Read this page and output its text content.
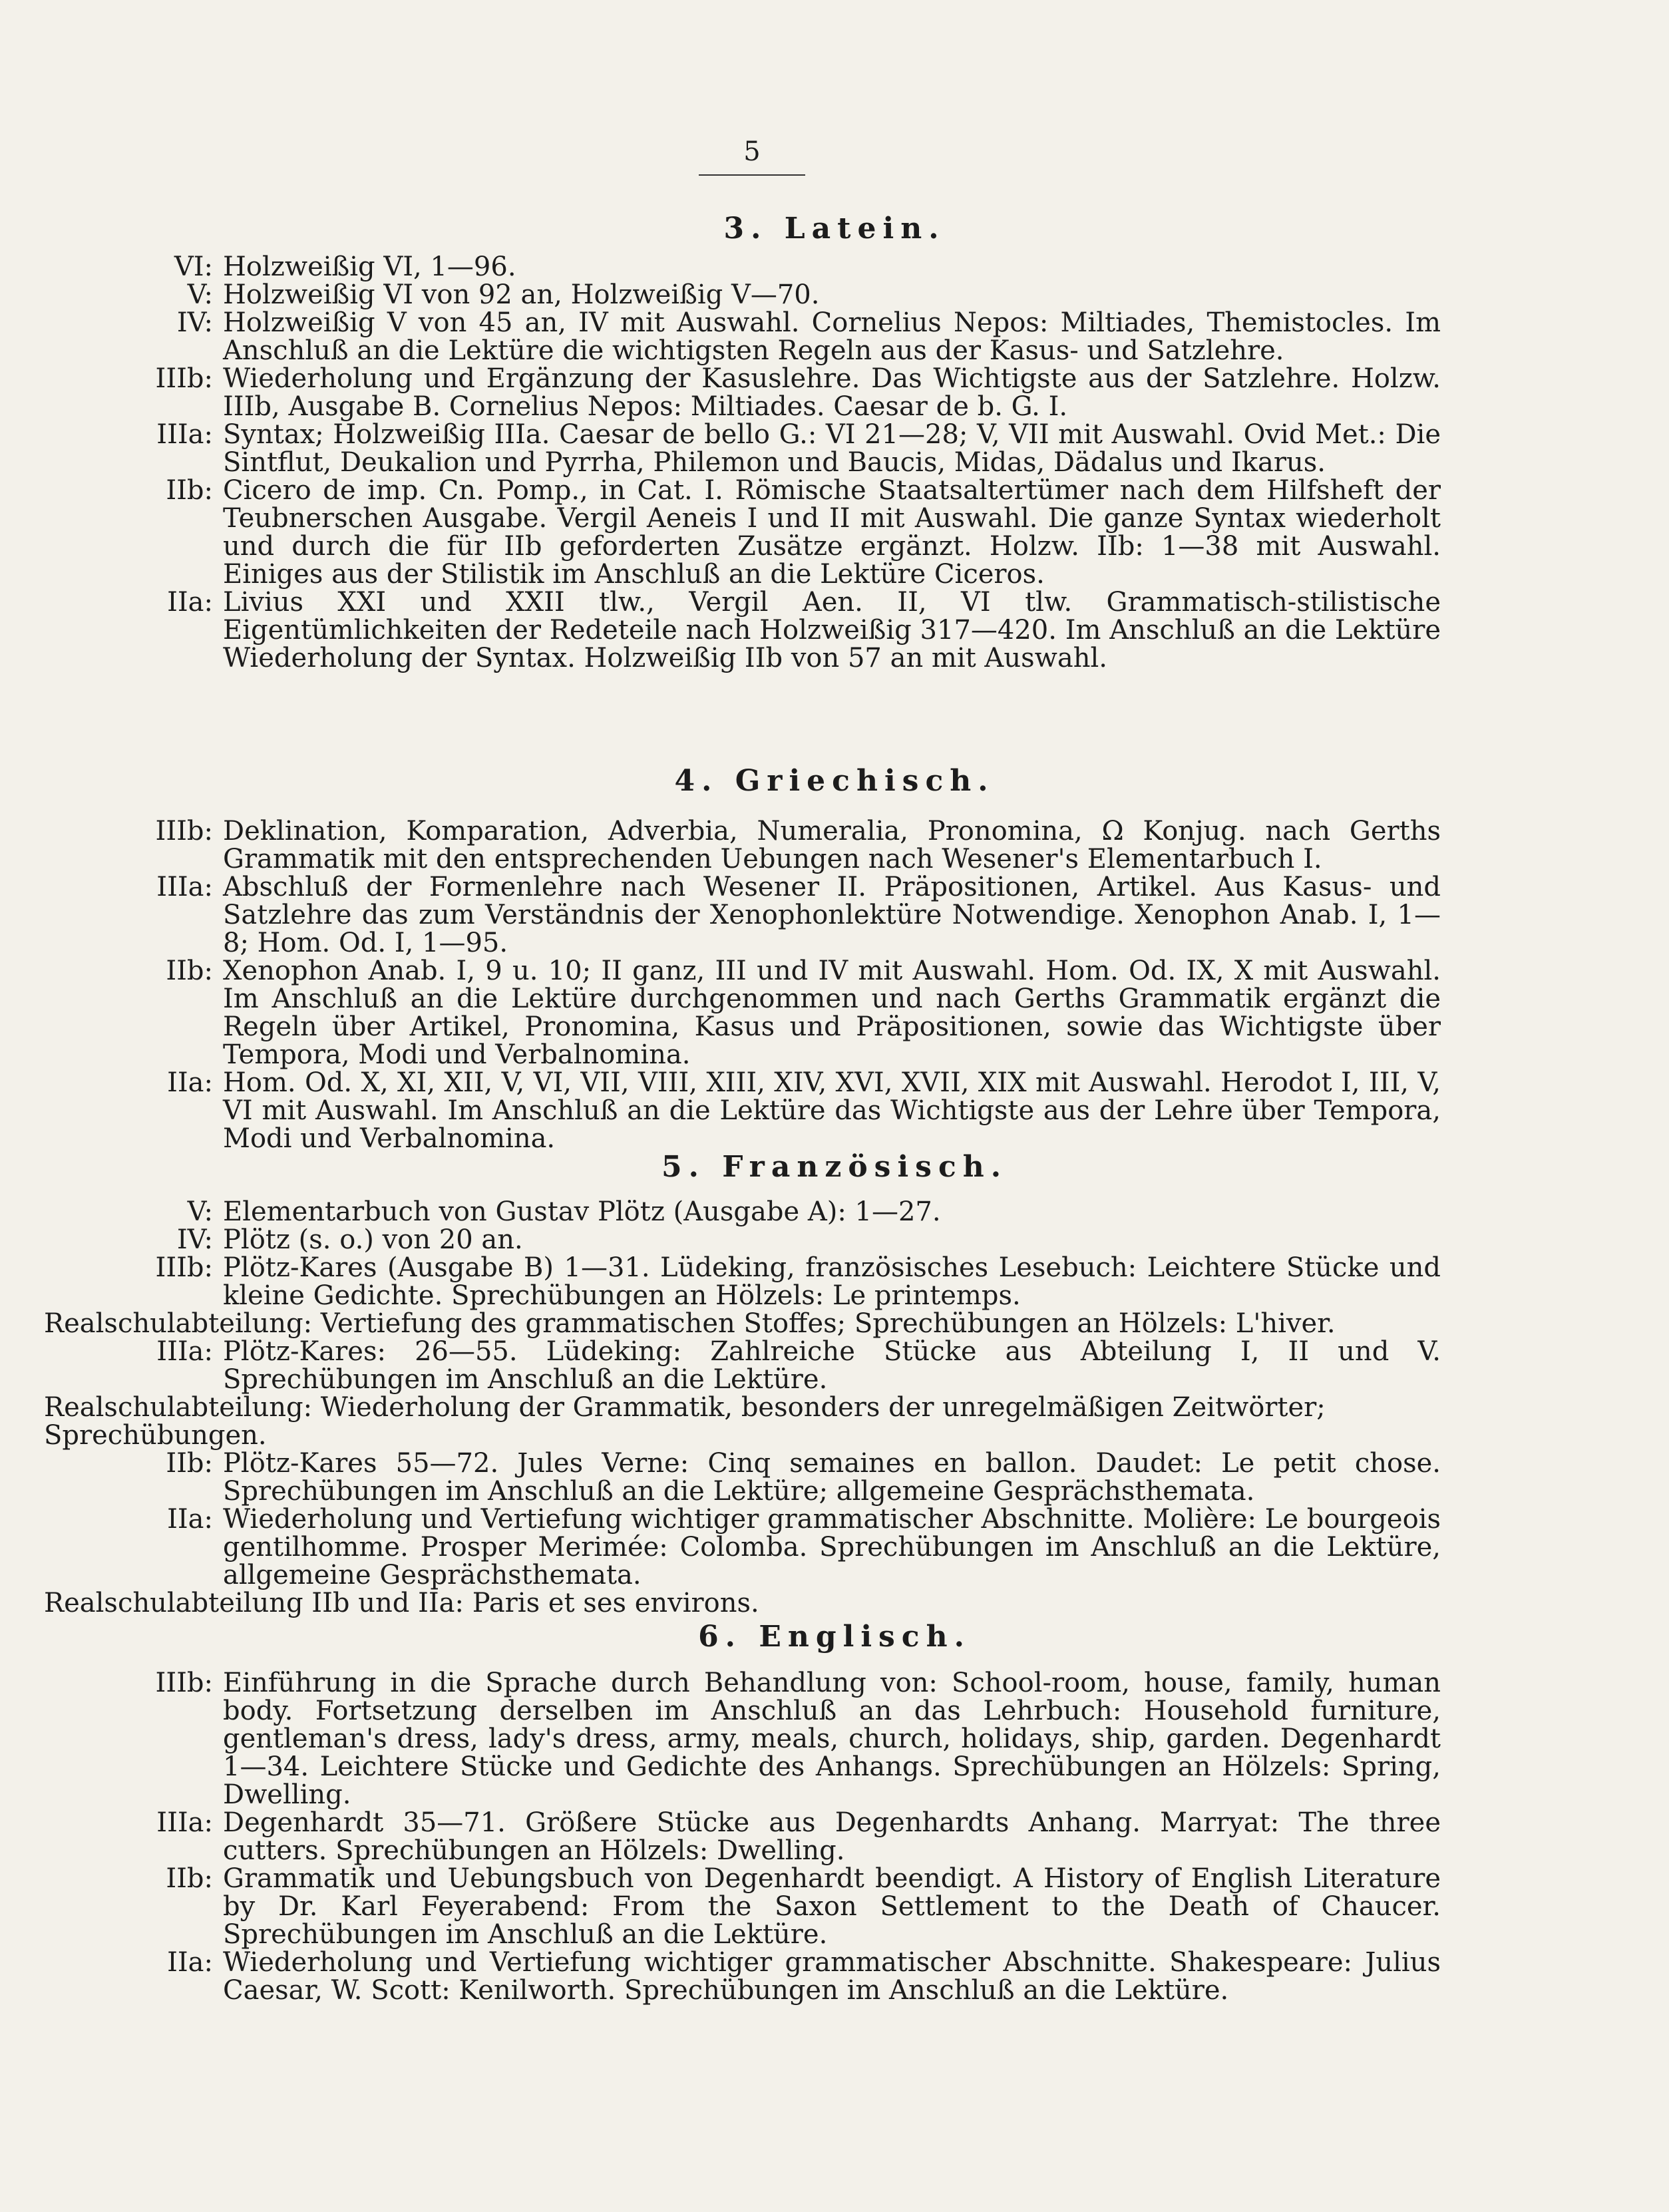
5
3. Latein.
VI: Holzweißig VI, 1—96.
V: Holzweißig VI von 92 an, Holzweißig V—70.
IV: Holzweißig V von 45 an, IV mit Auswahl. Cornelius Nepos: Miltiades, Themistocles. Im Anschluß an die Lektüre die wichtigsten Regeln aus der Kasus- und Satzlehre.
IIIb: Wiederholung und Ergänzung der Kasuslehre. Das Wichtigste aus der Satzlehre. Holzw. IIIb, Ausgabe B. Cornelius Nepos: Miltiades. Caesar de b. G. I.
IIIa: Syntax; Holzweißig IIIa. Caesar de bello G.: VI 21—28; V, VII mit Auswahl. Ovid Met.: Die Sintflut, Deukalion und Pyrrha, Philemon und Baucis, Midas, Dädalus und Ikarus.
IIb: Cicero de imp. Cn. Pomp., in Cat. I. Römische Staatsaltertümer nach dem Hilfsheft der Teubnerschen Ausgabe. Vergil Aeneis I und II mit Auswahl. Die ganze Syntax wiederholt und durch die für IIb geforderten Zusätze ergänzt. Holzw. IIb: 1—38 mit Auswahl. Einiges aus der Stilistik im Anschluß an die Lektüre Ciceros.
IIa: Livius XXI und XXII tlw., Vergil Aen. II, VI tlw. Grammatisch-stilistische Eigentümlichkeiten der Redeteile nach Holzweißig 317—420. Im Anschluß an die Lektüre Wiederholung der Syntax. Holzweißig IIb von 57 an mit Auswahl.
4. Griechisch.
IIIb: Deklination, Komparation, Adverbia, Numeralia, Pronomina, Ω Konjug. nach Gerths Grammatik mit den entsprechenden Uebungen nach Wesener's Elementarbuch I.
IIIa: Abschluß der Formenlehre nach Wesener II. Präpositionen, Artikel. Aus Kasus- und Satzlehre das zum Verständnis der Xenophonlektüre Notwendige. Xenophon Anab. I, 1—8; Hom. Od. I, 1—95.
IIb: Xenophon Anab. I, 9 u. 10; II ganz, III und IV mit Auswahl. Hom. Od. IX, X mit Auswahl. Im Anschluß an die Lektüre durchgenommen und nach Gerths Grammatik ergänzt die Regeln über Artikel, Pronomina, Kasus und Präpositionen, sowie das Wichtigste über Tempora, Modi und Verbalnomina.
IIa: Hom. Od. X, XI, XII, V, VI, VII, VIII, XIII, XIV, XVI, XVII, XIX mit Auswahl. Herodot I, III, V, VI mit Auswahl. Im Anschluß an die Lektüre das Wichtigste aus der Lehre über Tempora, Modi und Verbalnomina.
5. Französisch.
V: Elementarbuch von Gustav Plötz (Ausgabe A): 1—27.
IV: Plötz (s. o.) von 20 an.
IIIb: Plötz-Kares (Ausgabe B) 1—31. Lüdeking, französisches Lesebuch: Leichtere Stücke und kleine Gedichte. Sprechübungen an Hölzels: Le printemps.
Realschulabteilung: Vertiefung des grammatischen Stoffes; Sprechübungen an Hölzels: L'hiver.
IIIa: Plötz-Kares: 26—55. Lüdeking: Zahlreiche Stücke aus Abteilung I, II und V. Sprechübungen im Anschluß an die Lektüre.
Realschulabteilung: Wiederholung der Grammatik, besonders der unregelmäßigen Zeitwörter; Sprechübungen.
IIb: Plötz-Kares 55—72. Jules Verne: Cinq semaines en ballon. Daudet: Le petit chose. Sprechübungen im Anschluß an die Lektüre; allgemeine Gesprächsthemata.
IIa: Wiederholung und Vertiefung wichtiger grammatischer Abschnitte. Molière: Le bourgeois gentilhomme. Prosper Merimée: Colomba. Sprechübungen im Anschluß an die Lektüre, allgemeine Gesprächsthemata.
Realschulabteilung IIb und IIa: Paris et ses environs.
6. Englisch.
IIIb: Einführung in die Sprache durch Behandlung von: School-room, house, family, human body. Fortsetzung derselben im Anschluß an das Lehrbuch: Household furniture, gentleman's dress, lady's dress, army, meals, church, holidays, ship, garden. Degenhardt 1—34. Leichtere Stücke und Gedichte des Anhangs. Sprechübungen an Hölzels: Spring, Dwelling.
IIIa: Degenhardt 35—71. Größere Stücke aus Degenhardts Anhang. Marryat: The three cutters. Sprechübungen an Hölzels: Dwelling.
IIb: Grammatik und Uebungsbuch von Degenhardt beendigt. A History of English Literature by Dr. Karl Feyerabend: From the Saxon Settlement to the Death of Chaucer. Sprechübungen im Anschluß an die Lektüre.
IIa: Wiederholung und Vertiefung wichtiger grammatischer Abschnitte. Shakespeare: Julius Caesar, W. Scott: Kenilworth. Sprechübungen im Anschluß an die Lektüre.
